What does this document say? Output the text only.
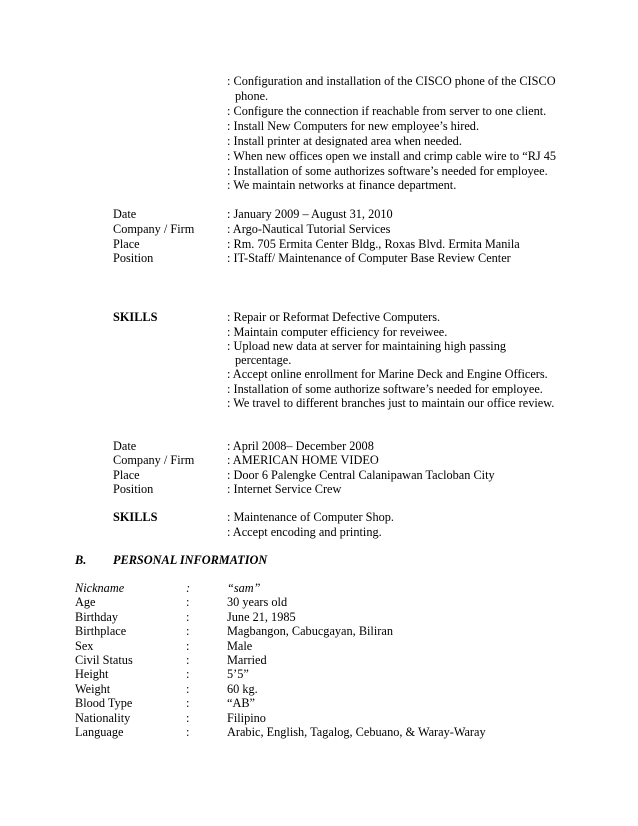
: Configuration and installation of the CISCO phone of the CISCO
phone.
: Configure the connection if reachable from server to one client.
: Install New Computers for new employee’s hired.
: Install printer at designated area when needed.
: When new offices open we install and crimp cable wire to “RJ 45
: Installation of some authorizes software’s needed for employee.
: We maintain networks at finance department.
Date	: January 2009 – August 31, 2010
Company / Firm	: Argo-Nautical Tutorial Services
Place	: Rm. 705 Ermita Center Bldg., Roxas Blvd. Ermita Manila
Position	: IT-Staff/ Maintenance of Computer Base Review Center
SKILLS	: Repair or Reformat Defective Computers.
: Maintain computer efficiency for reveiwee.
: Upload new data at server for maintaining high passing
percentage.
: Accept online enrollment for Marine Deck and Engine Officers.
: Installation of some authorize software’s needed for employee.
: We travel to different branches just to maintain our office review.
Date	: April 2008– December 2008
Company / Firm	: AMERICAN HOME VIDEO
Place	: Door 6 Palengke Central Calanipawan Tacloban City
Position	: Internet Service Crew
SKILLS	: Maintenance of Computer Shop.
: Accept encoding and printing.
B. PERSONAL INFORMATION
Nickname	:	“sam”
Age	:	30 years old
Birthday	:	June 21, 1985
Birthplace	:	Magbangon, Cabucgayan, Biliran
Sex	:	Male
Civil Status	:	Married
Height	:	5’5”
Weight	:	60 kg.
Blood Type	:	“AB”
Nationality	:	Filipino
Language	:	Arabic, English, Tagalog, Cebuano, & Waray-Waray
